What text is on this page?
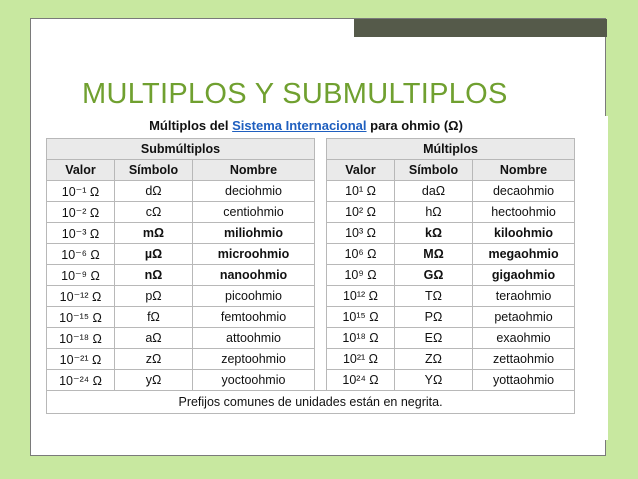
MULTIPLOS Y SUBMULTIPLOS
Múltiplos del Sistema Internacional para ohmio (Ω)
Submúltiplos				Múltiplos		
Valor	Símbolo	Nombre		Valor	Símbolo	Nombre
10⁻¹ Ω	dΩ	deciohmio		10¹ Ω	daΩ	decaohmio
10⁻² Ω	cΩ	centiohmio		10² Ω	hΩ	hectoohmio
10⁻³ Ω	mΩ	miliohmio		10³ Ω	kΩ	kiloohmio
10⁻⁶ Ω	µΩ	microohmio		10⁶ Ω	MΩ	megaohmio
10⁻⁹ Ω	nΩ	nanoohmio		10⁹ Ω	GΩ	gigaohmio
10⁻¹² Ω	pΩ	picoohmio		10¹² Ω	TΩ	teraohmio
10⁻¹⁵ Ω	fΩ	femtoohmio		10¹⁵ Ω	PΩ	petaohmio
10⁻¹⁸ Ω	aΩ	attoohmio		10¹⁸ Ω	EΩ	exaohmio
10⁻²¹ Ω	zΩ	zeptoohmio		10²¹ Ω	ZΩ	zettaohmio
10⁻²⁴ Ω	yΩ	yoctoohmio		10²⁴ Ω	YΩ	yottaohmio
Prefijos comunes de unidades están en negrita.						
